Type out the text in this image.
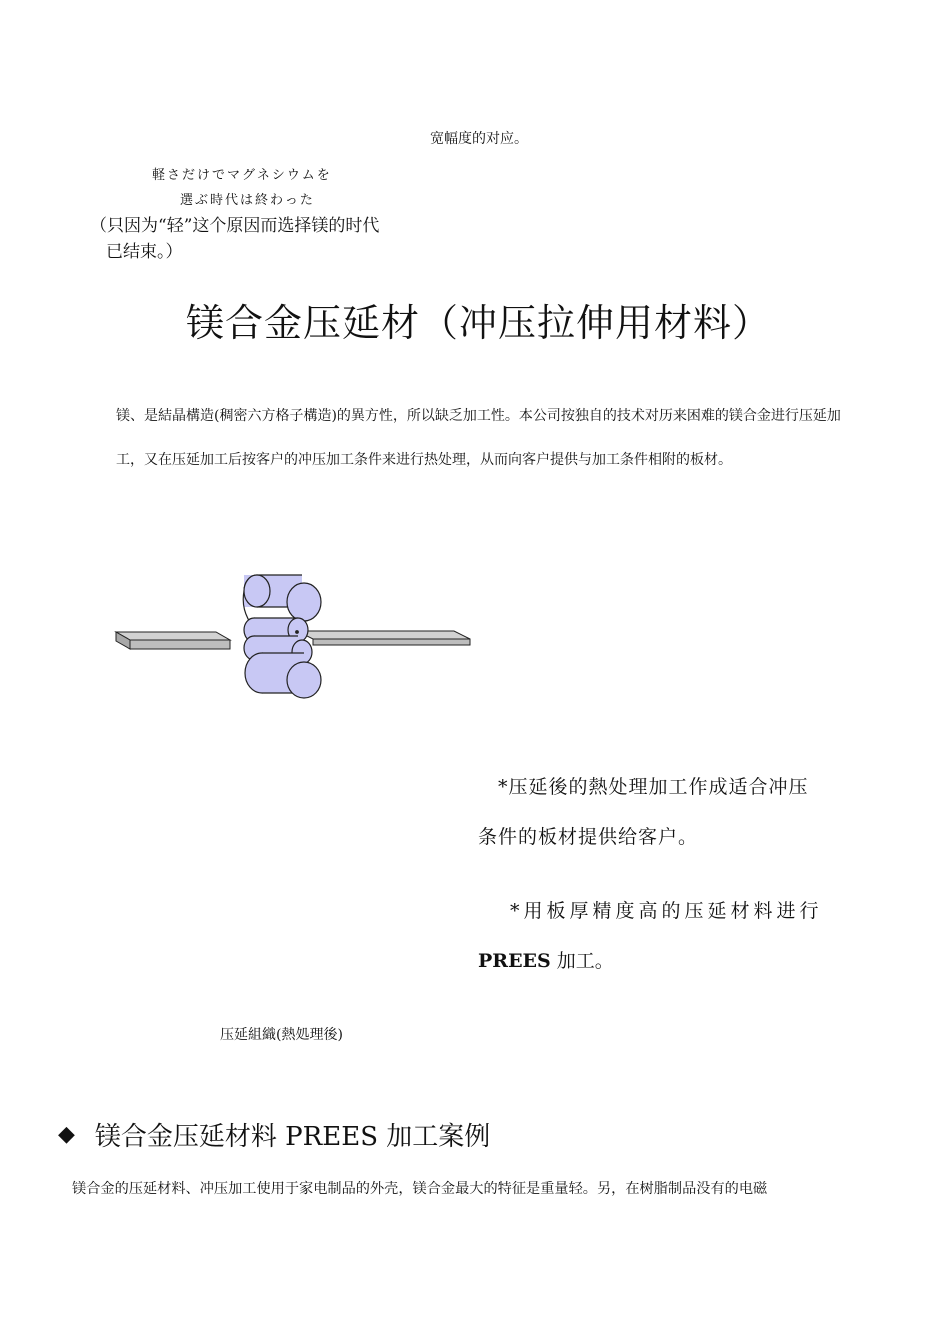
宽幅度的对应。
軽さだけでマグネシウムを
選ぶ時代は終わった
（只因为“轻”这个原因而选择镁的时代
已结束。）
镁合金压延材（冲压拉伸用材料）

镁、是結晶構造(稠密六方格子構造)的異方性，所以缺乏加工性。本公司按独自的技术对历来困难的镁合金进行压延加工，又在压延加工后按客户的冲压加工条件来进行热处理，从而向客户提供与加工条件相附的板材。

*压延後的熱处理加工作成适合冲压
条件的板材提供给客户。
*用板厚精度高的压延材料进行
PREES 加工。
压延組織(熱処理後)
◆ 镁合金压延材料 PREES 加工案例
镁合金的压延材料、冲压加工使用于家电制品的外壳，镁合金最大的特征是重量轻。另，在树脂制品没有的电磁
